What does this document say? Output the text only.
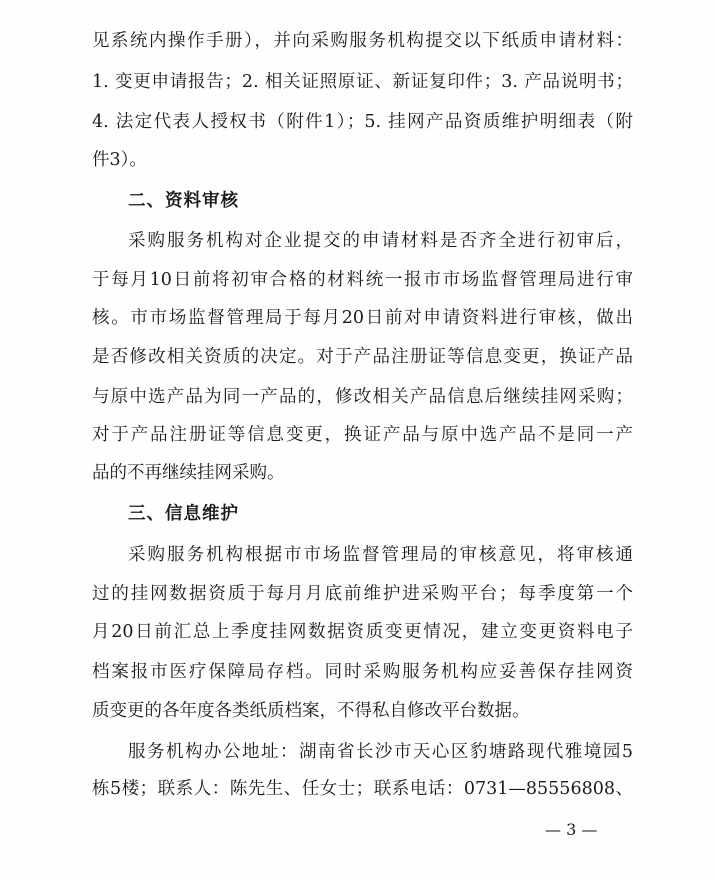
见系统内操作手册），并向采购服务机构提交以下纸质申请材料：
1. 变更申请报告；2. 相关证照原证、新证复印件；3. 产品说明书；
4. 法定代表人授权书（附件1）；5. 挂网产品资质维护明细表（附
件3）。
二、资料审核
采购服务机构对企业提交的申请材料是否齐全进行初审后，
于每月10日前将初审合格的材料统一报市市场监督管理局进行审
核。市市场监督管理局于每月20日前对申请资料进行审核，做出
是否修改相关资质的决定。对于产品注册证等信息变更，换证产品
与原中选产品为同一产品的，修改相关产品信息后继续挂网采购；
对于产品注册证等信息变更，换证产品与原中选产品不是同一产
品的不再继续挂网采购。
三、信息维护
采购服务机构根据市市场监督管理局的审核意见，将审核通
过的挂网数据资质于每月月底前维护进采购平台；每季度第一个
月20日前汇总上季度挂网数据资质变更情况，建立变更资料电子
档案报市医疗保障局存档。同时采购服务机构应妥善保存挂网资
质变更的各年度各类纸质档案，不得私自修改平台数据。
服务机构办公地址：湖南省长沙市天心区豹塘路现代雅境园5
栋5楼；联系人：陈先生、任女士；联系电话：0731—85556808、
— 3 —
